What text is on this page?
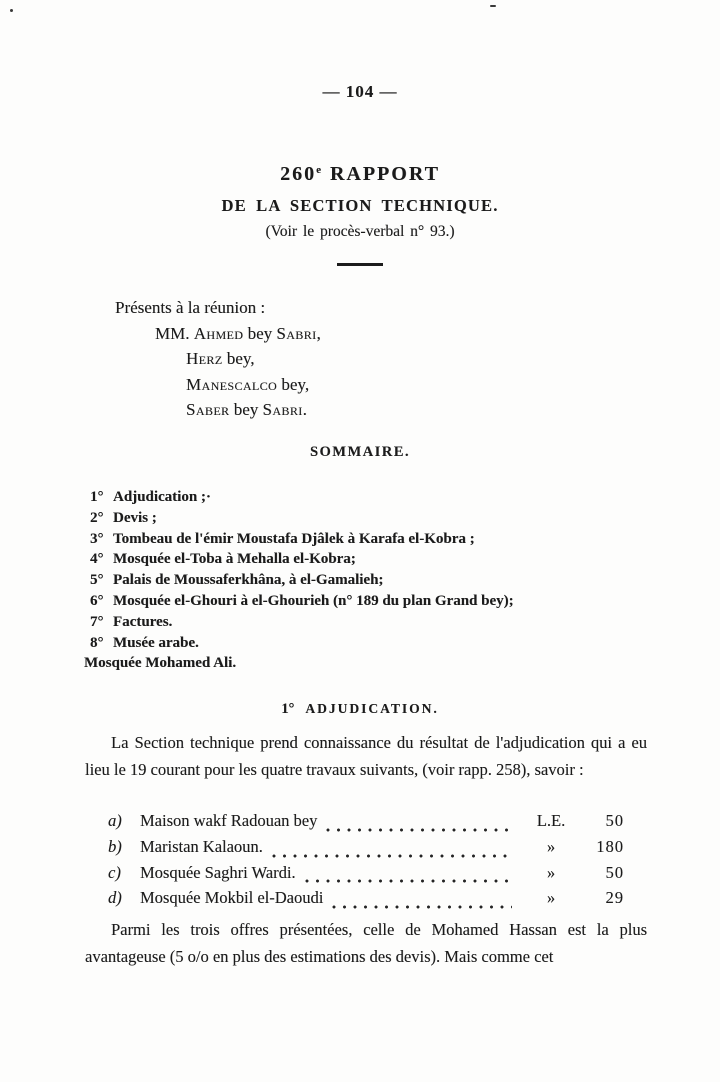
— 104 —
260e RAPPORT
DE LA SECTION TECHNIQUE.
(Voir le procès-verbal n° 93.)
Présents à la réunion :
MM. Ahmed bey Sabri,
Herz bey,
Manescalco bey,
Saber bey Sabri.
SOMMAIRE.
1° Adjudication ;·
2° Devis ;
3° Tombeau de l'émir Moustafa Djâlek à Karafa el-Kobra ;
4° Mosquée el-Toba à Mehalla el-Kobra;
5° Palais de Moussaferkhâna, à el-Gamalieh;
6° Mosquée el-Ghouri à el-Ghourieh (n° 189 du plan Grand bey);
7° Factures.
8° Musée arabe.
Mosquée Mohamed Ali.
1° ADJUDICATION.
La Section technique prend connaissance du résultat de l'adjudication qui a eu lieu le 19 courant pour les quatre travaux suivants, (voir rapp. 258), savoir :
a)	Maison wakf Radouan bey	L.E.	50
b)	Maristan Kalaoun.	»	180
c)	Mosquée Saghri Wardi.	»	50
d)	Mosquée Mokbil el-Daoudi	»	29
Parmi les trois offres présentées, celle de Mohamed Hassan est la plus avantageuse (5 o/o en plus des estimations des devis). Mais comme cet
